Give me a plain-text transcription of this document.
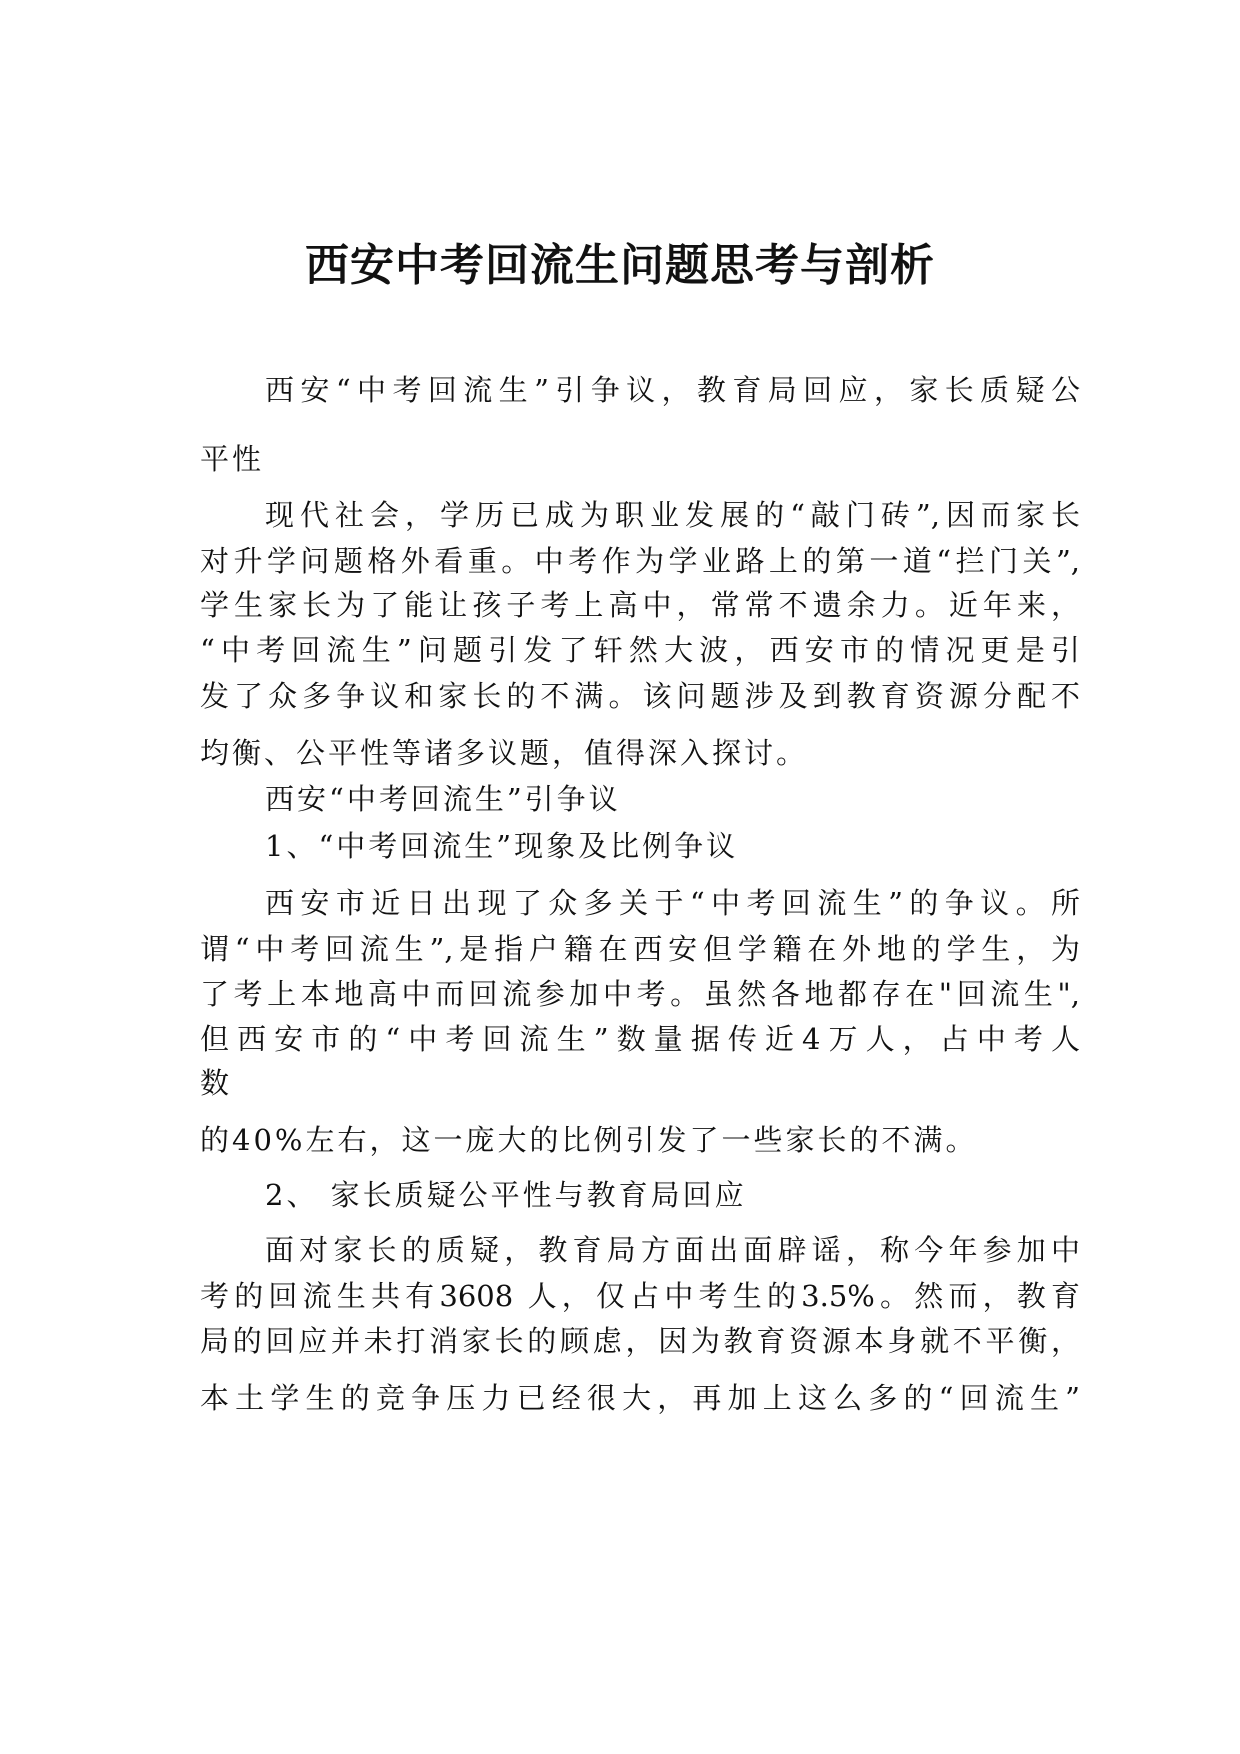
西安中考回流生问题思考与剖析
西安“中考回流生”引争议，教育局回应，家长质疑公
平性
现代社会，学历已成为职业发展的“敲门砖”,因而家长
对升学问题格外看重。中考作为学业路上的第一道“拦门关”,
学生家长为了能让孩子考上高中，常常不遗余力。近年来，
“中考回流生”问题引发了轩然大波，西安市的情况更是引
发了众多争议和家长的不满。该问题涉及到教育资源分配不
均衡、公平性等诸多议题，值得深入探讨。
西安“中考回流生”引争议
1、“中考回流生”现象及比例争议
西安市近日出现了众多关于“中考回流生”的争议。所
谓“中考回流生”,是指户籍在西安但学籍在外地的学生，为
了考上本地高中而回流参加中考。虽然各地都存在"回流生",
但西安市的“中考回流生”数量据传近4万人，占中考人
数
的40%左右，这一庞大的比例引发了一些家长的不满。
2、 家长质疑公平性与教育局回应
面对家长的质疑，教育局方面出面辟谣，称今年参加中
考的回流生共有3608 人，仅占中考生的3.5%。然而，教育
局的回应并未打消家长的顾虑，因为教育资源本身就不平衡，
本土学生的竞争压力已经很大，再加上这么多的“回流生”
